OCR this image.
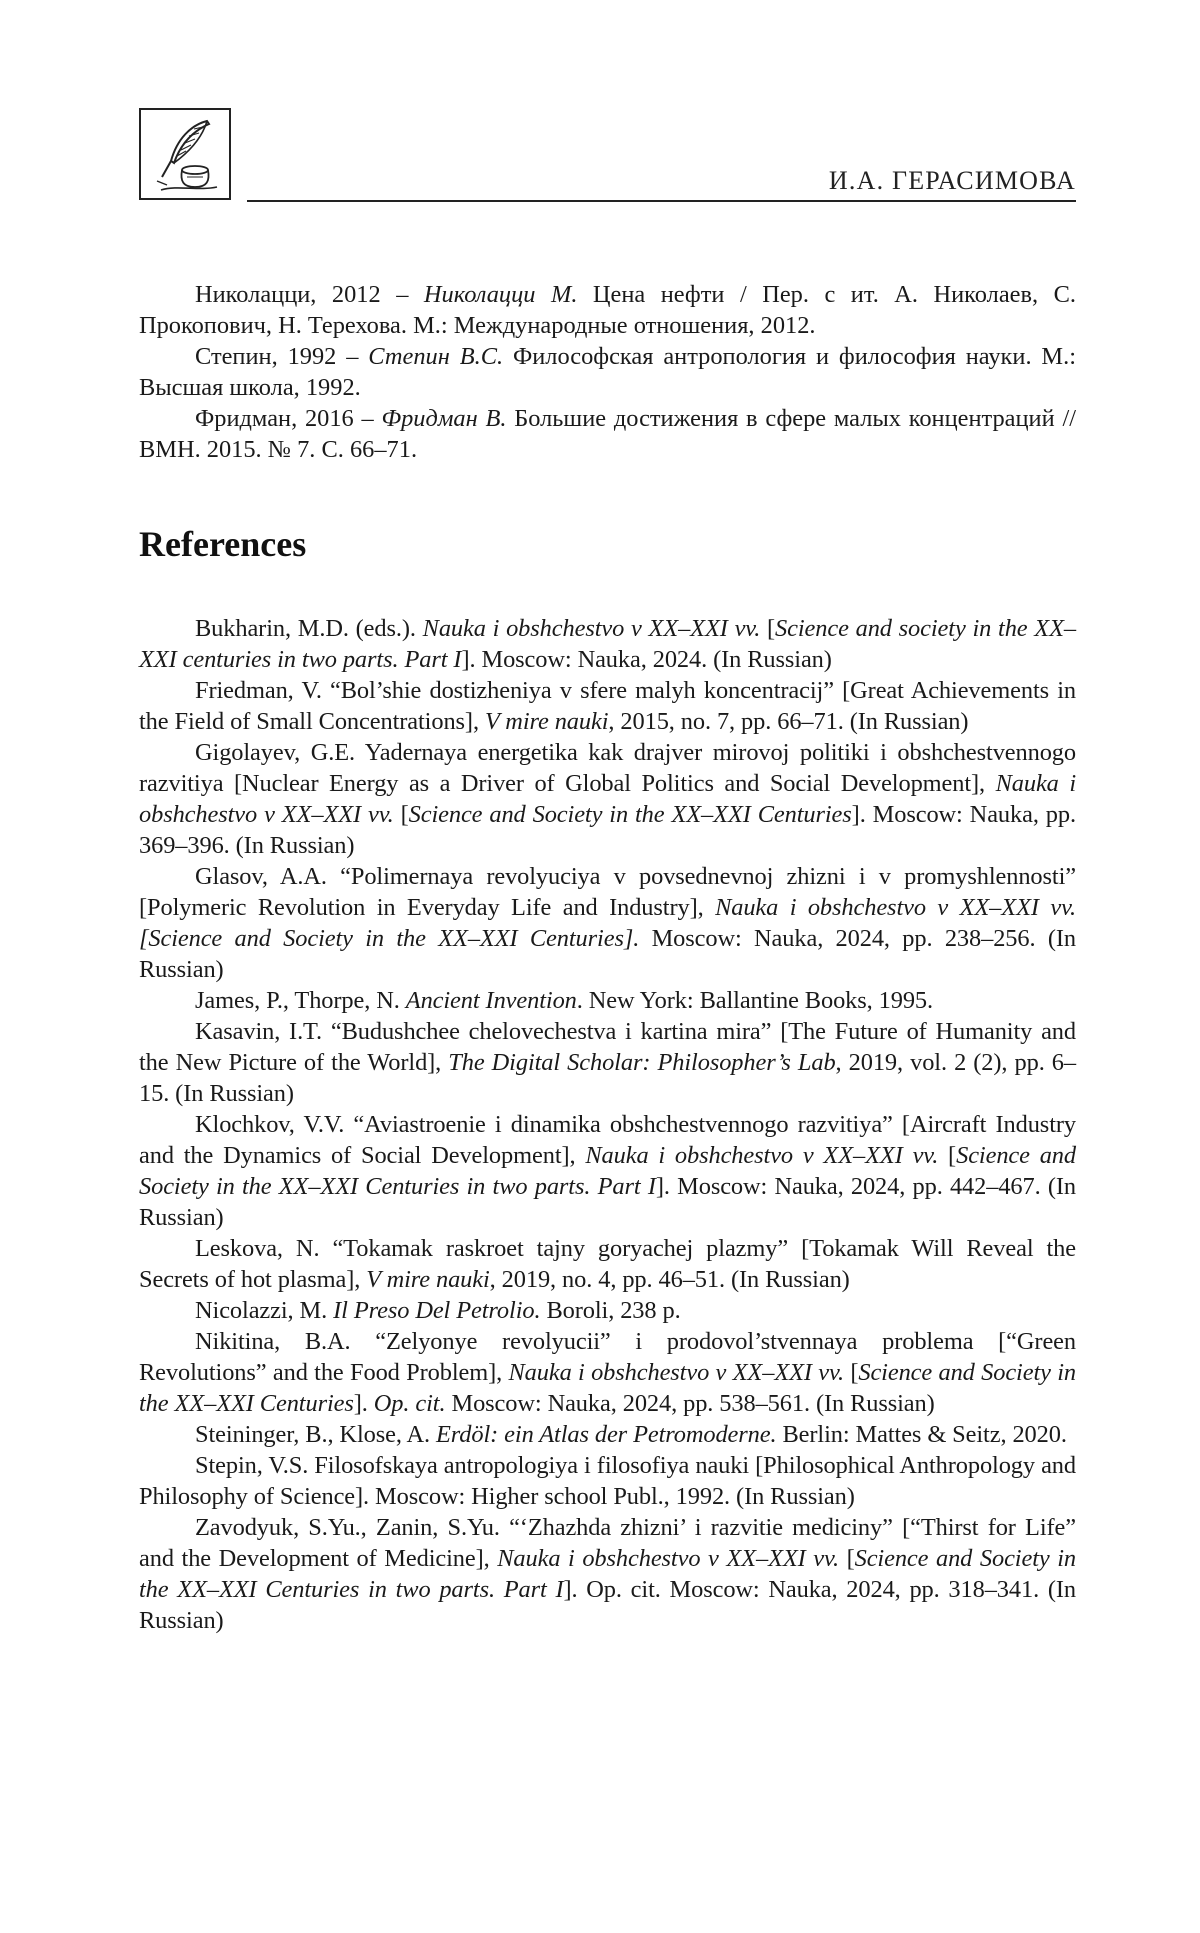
И.А. ГЕРАСИМОВА

Николацци, 2012 – Николацци М. Цена нефти / Пер. с ит. А. Николаев, С. Прокопович, Н. Терехова. М.: Международные отношения, 2012.

Степин, 1992 – Степин В.С. Философская антропология и философия науки. М.: Высшая школа, 1992.

Фридман, 2016 – Фридман В. Большие достижения в сфере малых концентраций // ВМН. 2015. № 7. С. 66–71.

References

Bukharin, M.D. (eds.). Nauka i obshchestvo v XX–XXI vv. [Science and society in the XX–XXI centuries in two parts. Part I]. Moscow: Nauka, 2024. (In Russian)

Friedman, V. “Bol’shie dostizheniya v sfere malyh koncentracij” [Great Achievements in the Field of Small Concentrations], V mire nauki, 2015, no. 7, pp. 66–71. (In Russian)

Gigolayev, G.E. Yadernaya energetika kak drajver mirovoj politiki i obshchestvennogo razvitiya [Nuclear Energy as a Driver of Global Politics and Social Development], Nauka i obshchestvo v XX–XXI vv. [Science and Society in the XX–XXI Centuries]. Moscow: Nauka, pp. 369–396. (In Russian)

Glasov, A.A. “Polimernaya revolyuciya v povsednevnoj zhizni i v promyshlennosti” [Polymeric Revolution in Everyday Life and Industry], Nauka i obshchestvo v XX–XXI vv. [Science and Society in the XX–XXI Centuries]. Moscow: Nauka, 2024, pp. 238–256. (In Russian)

James, P., Thorpe, N. Ancient Invention. New York: Ballantine Books, 1995.

Kasavin, I.T. “Budushchee chelovechestva i kartina mira” [The Future of Humanity and the New Picture of the World], The Digital Scholar: Philosopher’s Lab, 2019, vol. 2 (2), pp. 6–15. (In Russian)

Klochkov, V.V. “Aviastroenie i dinamika obshchestvennogo razvitiya” [Aircraft Industry and the Dynamics of Social Development], Nauka i obshchestvo v XX–XXI vv. [Science and Society in the XX–XXI Centuries in two parts. Part I]. Moscow: Nauka, 2024, pp. 442–467. (In Russian)

Leskova, N. “Tokamak raskroet tajny goryachej plazmy” [Tokamak Will Reveal the Secrets of hot plasma], V mire nauki, 2019, no. 4, pp. 46–51. (In Russian)

Nicolazzi, M. Il Preso Del Petrolio. Boroli, 238 p.

Nikitina, B.A. “Zelyonye revolyucii” i prodovol’stvennaya problema [“Green Revolutions” and the Food Problem], Nauka i obshchestvo v XX–XXI vv. [Science and Society in the XX–XXI Centuries]. Op. cit. Moscow: Nauka, 2024, pp. 538–561. (In Russian)

Steininger, B., Klose, A. Erdöl: ein Atlas der Petromoderne. Berlin: Mattes & Seitz, 2020.

Stepin, V.S. Filosofskaya antropologiya i filosofiya nauki [Philosophical Anthropology and Philosophy of Science]. Moscow: Higher school Publ., 1992. (In Russian)

Zavodyuk, S.Yu., Zanin, S.Yu. “‘Zhazhda zhizni’ i razvitie mediciny” [“Thirst for Life” and the Development of Medicine], Nauka i obshchestvo v XX–XXI vv. [Science and Society in the XX–XXI Centuries in two parts. Part I]. Op. cit. Moscow: Nauka, 2024, pp. 318–341. (In Russian)
